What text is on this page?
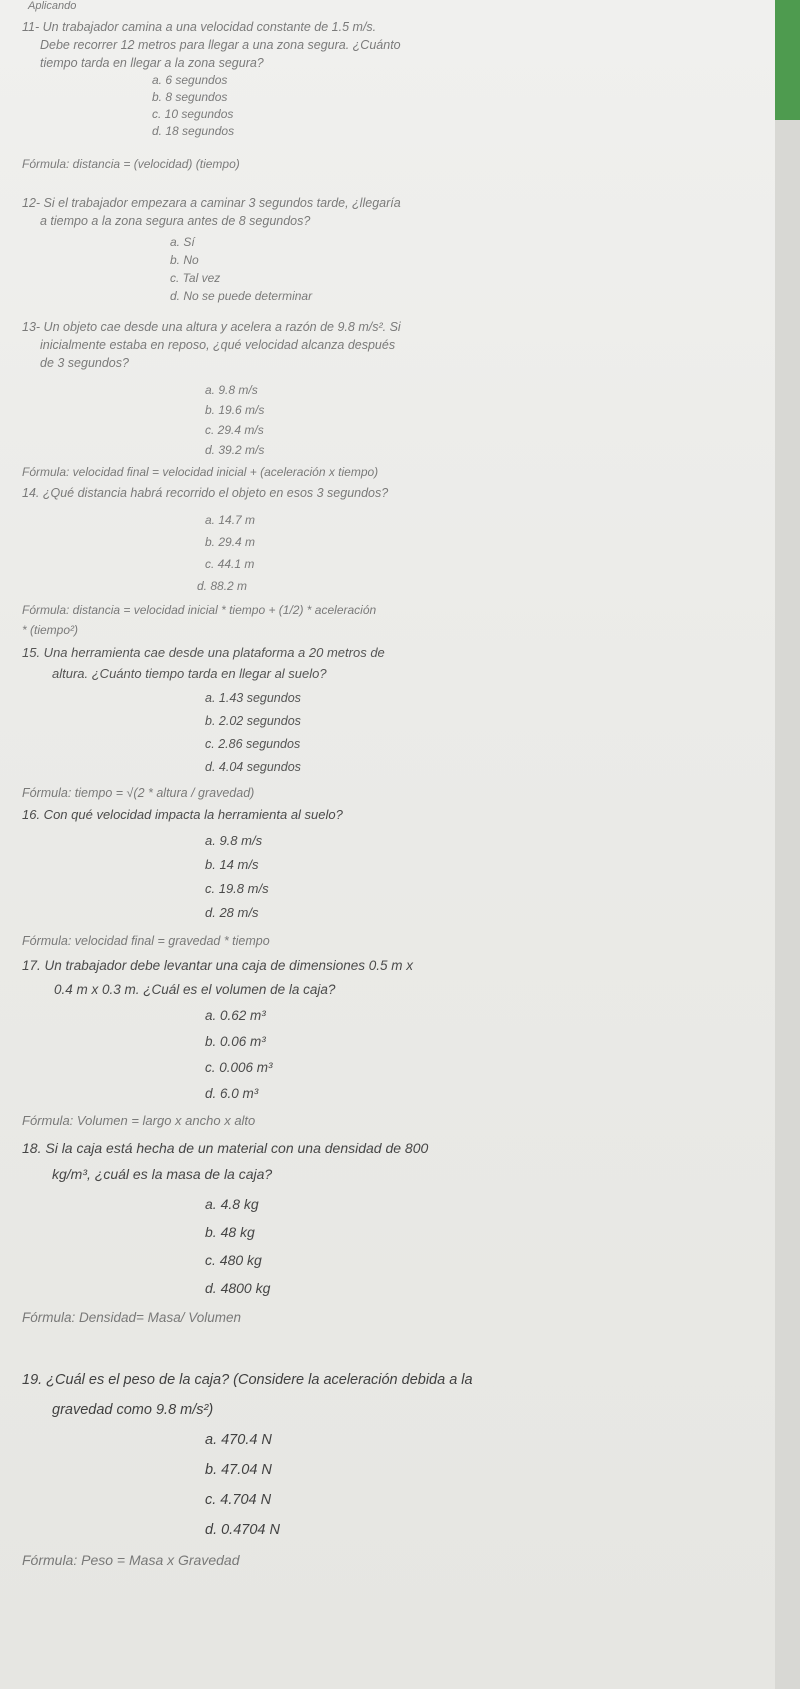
Aplicando
11- Un trabajador camina a una velocidad constante de 1.5 m/s.
Debe recorrer 12 metros para llegar a una zona segura. ¿Cuánto
tiempo tarda en llegar a la zona segura?
a. 6 segundos
b. 8 segundos
c. 10 segundos
d. 18 segundos
Fórmula: distancia = (velocidad) (tiempo)
12- Si el trabajador empezara a caminar 3 segundos tarde, ¿llegaría
a tiempo a la zona segura antes de 8 segundos?
a. Sí
b. No
c. Tal vez
d. No se puede determinar
13- Un objeto cae desde una altura y acelera a razón de 9.8 m/s². Si
inicialmente estaba en reposo, ¿qué velocidad alcanza después
de 3 segundos?
a. 9.8 m/s
b. 19.6 m/s
c. 29.4 m/s
d. 39.2 m/s
Fórmula: velocidad final = velocidad inicial + (aceleración x tiempo)
14. ¿Qué distancia habrá recorrido el objeto en esos 3 segundos?
a. 14.7 m
b. 29.4 m
c. 44.1 m
d. 88.2 m
Fórmula: distancia = velocidad inicial * tiempo + (1/2) * aceleración
* (tiempo²)
15. Una herramienta cae desde una plataforma a 20 metros de
altura. ¿Cuánto tiempo tarda en llegar al suelo?
a. 1.43 segundos
b. 2.02 segundos
c. 2.86 segundos
d. 4.04 segundos
Fórmula: tiempo = √(2 * altura / gravedad)
16. Con qué velocidad impacta la herramienta al suelo?
a. 9.8 m/s
b. 14 m/s
c. 19.8 m/s
d. 28 m/s
Fórmula: velocidad final = gravedad * tiempo
17. Un trabajador debe levantar una caja de dimensiones 0.5 m x
0.4 m x 0.3 m. ¿Cuál es el volumen de la caja?
a. 0.62 m³
b. 0.06 m³
c. 0.006 m³
d. 6.0 m³
Fórmula: Volumen = largo x ancho x alto
18. Si la caja está hecha de un material con una densidad de 800
kg/m³, ¿cuál es la masa de la caja?
a. 4.8 kg
b. 48 kg
c. 480 kg
d. 4800 kg
Fórmula: Densidad= Masa/ Volumen
19. ¿Cuál es el peso de la caja? (Considere la aceleración debida a la
gravedad como 9.8 m/s²)
a. 470.4 N
b. 47.04 N
c. 4.704 N
d. 0.4704 N
Fórmula: Peso = Masa x Gravedad
